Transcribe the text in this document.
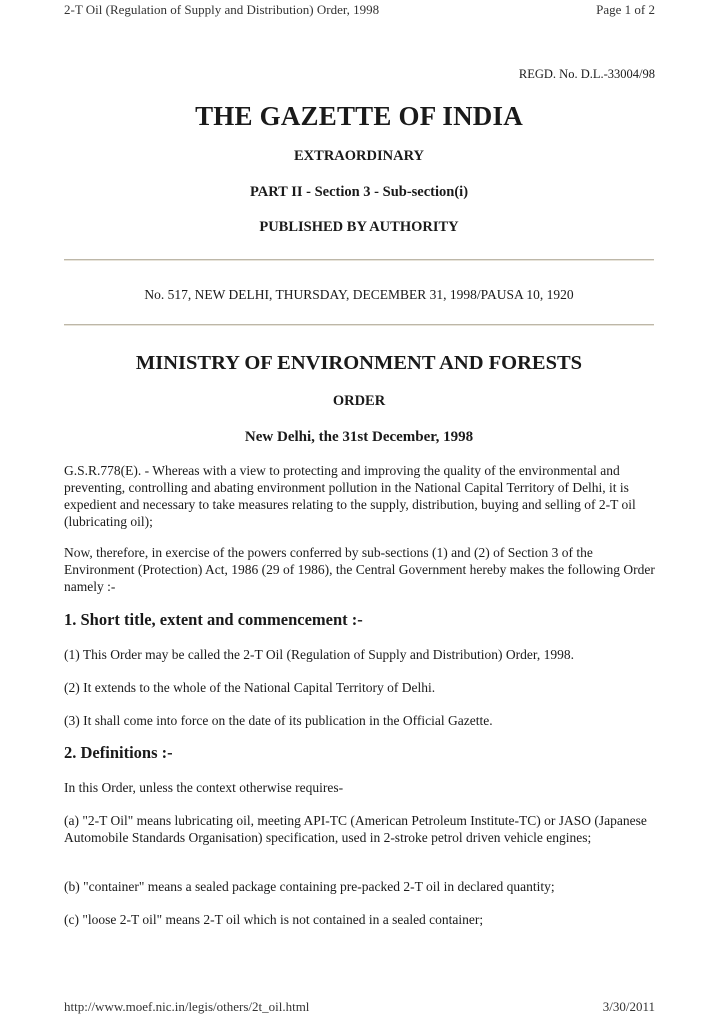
2-T Oil (Regulation of Supply and Distribution) Order, 1998	Page 1 of 2
REGD. No. D.L.-33004/98
THE GAZETTE OF INDIA
EXTRAORDINARY
PART II - Section 3 - Sub-section(i)
PUBLISHED BY AUTHORITY
No. 517, NEW DELHI, THURSDAY, DECEMBER 31, 1998/PAUSA 10, 1920
MINISTRY OF ENVIRONMENT AND FORESTS
ORDER
New Delhi, the 31st December, 1998
G.S.R.778(E). - Whereas with a view to protecting and improving the quality of the environmental and preventing, controlling and abating environment pollution in the National Capital Territory of Delhi, it is expedient and necessary to take measures relating to the supply, distribution, buying and selling of 2-T oil (lubricating oil);
Now, therefore, in exercise of the powers conferred by sub-sections (1) and (2) of Section 3 of the Environment (Protection) Act, 1986 (29 of 1986), the Central Government hereby makes the following Order namely :-
1. Short title, extent and commencement :-
(1) This Order may be called the 2-T Oil (Regulation of Supply and Distribution) Order, 1998.
(2) It extends to the whole of the National Capital Territory of Delhi.
(3) It shall come into force on the date of its publication in the Official Gazette.
2. Definitions :-
In this Order, unless the context otherwise requires-
(a) "2-T Oil" means lubricating oil, meeting API-TC (American Petroleum Institute-TC) or JASO (Japanese Automobile Standards Organisation) specification, used in 2-stroke petrol driven vehicle engines;
(b) "container" means a sealed package containing pre-packed 2-T oil in declared quantity;
(c) "loose 2-T oil" means 2-T oil which is not contained in a sealed container;
http://www.moef.nic.in/legis/others/2t_oil.html	3/30/2011
